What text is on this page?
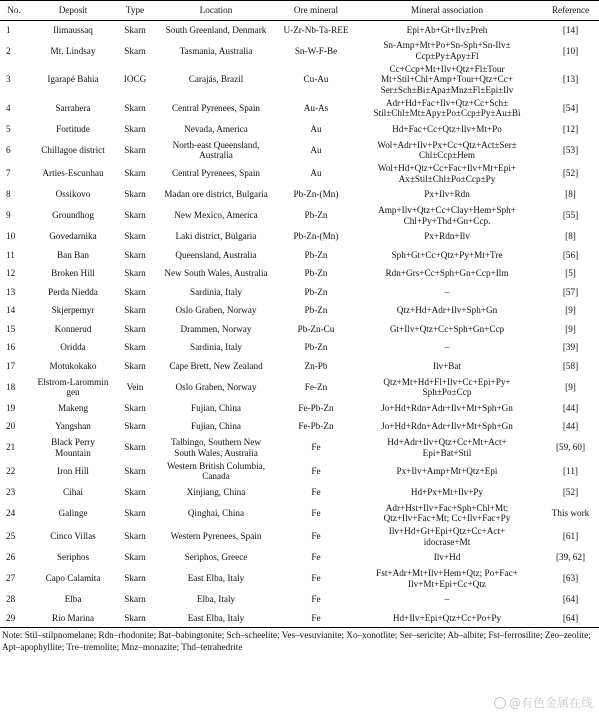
No.	Deposit	Type	Location	Ore mineral	Mineral association	Reference
1	Ilimaussaq	Skarn	South Greenland, Denmark	U-Zr-Nb-Ta-REE	Epi+Ab+Gt+Ilv±Preh	[14]
2	Mt. Lindsay	Skarn	Tasmania, Australia	Sn-W-F-Be	Sn-Amp+Mt+Po+Sn-Sph+Sn-Ilv±
Ccp±Py±Apy±Fl	[10]
3	Igarapé Bahia	IOCG	Carajás, Brazil	Cu-Au	Cc+Ccp+Mt+Ilv+Qtz+Fl±Tour
Mt+Stil+Chl+Amp+Tour+Qtz+Cc+
Ser±Sch±Bi±Apa±Mnz±Fl±Epi±Ilv	[13]
4	Sarrahera	Skarn	Central Pyrenees, Spain	Au-As	Adr+Hd+Fac+Ilv+Qtz+Cc+Sch±
Stil±Chl±Mt±Apy±Po±Ccp±Py±Au±Bi	[54]
5	Fortitude	Skarn	Nevada, America	Au	Hd+Fac+Cc+Qtz+Ilv+Mt+Po	[12]
6	Chillagoe district	Skarn	North-east Queensland,
Australia	Au	Wol+Adr+Ilv+Px+Cc+Qtz+Act±Ser±
Chl±Ccp±Hem	[53]
7	Arties-Escunhau	Skarn	Central Pyrenees, Spain	Au	Wol+Hd+Qtz+Cc+Fac+Ilv+Mt+Epi+
Ax±Stil±Chl±Po±Ccp±Py	[52]
8	Ossikovo	Skarn	Madan ore district, Bulgaria	Pb-Zn-(Mn)	Px+Ilv+Rdn	[8]
9	Groundhog	Skarn	New Mexico, America	Pb-Zn	Amp+Ilv+Qtz+Cc+Clay+Hem+Sph+
Chl+Py+Thd+Gn+Ccp.	[55]
10	Govedarnika	Skarn	Laki district, Bulgaria	Pb-Zn-(Mn)	Px+Rdn+Ilv	[8]
11	Ban Ban	Skarn	Queensland, Australia	Pb-Zn	Sph+Gt+Cc+Qtz+Py+Mt+Tre	[56]
12	Broken Hill	Skarn	New South Wales, Australia	Pb-Zn	Rdn+Grs+Cc+Sph+Gn+Ccp+Ilm	[5]
13	Perda Niedda	Skarn	Sardinia, Italy	Pb-Zn	–	[57]
14	Skjerpemyr	Skarn	Oslo Graben, Norway	Pb-Zn	Qtz+Hd+Adr+Ilv+Sph+Gn	[9]
15	Konnerud	Skarn	Drammen, Norway	Pb-Zn-Cu	Gt+Ilv+Qtz+Cc+Sph+Gn+Ccp	[9]
16	Oridda	Skarn	Sardinia, Italy	Pb-Zn	–	[39]
17	Motukokako	Skarn	Cape Brett, New Zealand	Zn-Pb	Ilv+Bat	[58]
18	Elstrom-Larommin
gen	Vein	Oslo Graben, Norway	Fe-Zn	Qtz+Mt+Hd+Fl+Ilv+Cc+Epi+Py+
Sph±Po±Ccp	[9]
19	Makeng	Skarn	Fujian, China	Fe-Pb-Zn	Jo+Hd+Rdn+Adr+Ilv+Mt+Sph+Gn	[44]
20	Yangshan	Skarn	Fujian, China	Fe-Pb-Zn	Jo+Hd+Rdn+Adr+Ilv+Mt+Sph+Gn	[44]
21	Black Perry
Mountain	Skarn	Talbingo, Southern New
South Wales, Australia	Fe	Hd+Adr+Ilv+Qtz+Cc+Mt+Act+
Epi+Bat+Stil	[59, 60]
22	Iron Hill	Skarn	Western British Columbia,
Canada	Fe	Px+Ilv+Amp+Mt+Qtz+Epi	[11]
23	Cihai	Skarn	Xinjiang, China	Fe	Hd+Px+Mt+Ilv+Py	[52]
24	Galinge	Skarn	Qinghai, China	Fe	Adr+Hst+Ilv+Fac+Sph+Chl+Mt;
Qtz+Ilv+Fac+Mt; Cc+Ilv+Fac+Py	This work
25	Cinco Villas	Skarn	Western Pyrenees, Spain	Fe	Ilv+Hd+Gt+Epi+Qtz+Cc+Act+
idocrase+Mt	[61]
26	Seriphos	Skarn	Seriphos, Greece	Fe	Ilv+Hd	[39, 62]
27	Capo Calamita	Skarn	East Elba, Italy	Fe	Fst+Adr+Mt+Ilv+Hem+Qtz; Po+Fac+
Ilv+Mt+Epi+Cc+Qtz	[63]
28	Elba	Skarn	Elba, Italy	Fe	–	[64]
29	Rio Marina	Skarn	East Elba, Italy	Fe	Hd+Ilv+Epi+Qtz+Cc+Po+Py	[64]
Note: Stil–stilpnomelane; Rdn–rhodonite; Bat–babingtonite; Sch–scheelite; Ves–vesuvianite; Xo–xonotlite; Ser–sericite; Ab–albite; Fst–ferrosilite; Zeo–zeolite; Apt–apophyllite; Tre–tremolite; Mnz–monazite; Thd–tetrahedrite
@有色金属在线
